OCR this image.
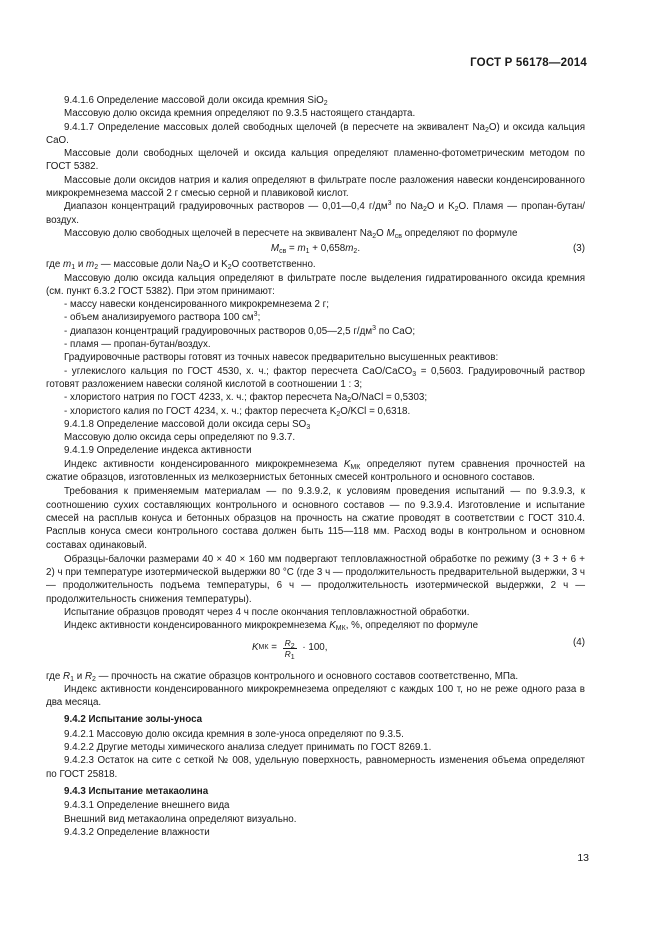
ГОСТ Р 56178—2014

9.4.1.6 Определение массовой доли оксида кремния SiO$_2$

Массовую долю оксида кремния определяют по 9.3.5 настоящего стандарта.

9.4.1.7 Определение массовых долей свободных щелочей (в пересчете на эквивалент $Na_2O$) и оксида кальция CaO.

Массовые доли свободных щелочей и оксида кальция определяют пламенно-фотометрическим методом по ГОСТ 5382.

Массовые доли оксидов натрия и калия определяют в фильтрате после разложения навески конденсированного микрокремнезема массой 2 г смесью серной и плавиковой кислот.

Диапазон концентраций градуировочных растворов — 0,01—0,4 $г/дм^3$ по $Na_2O$ и $K_2O$. Пламя — пропан-бутан/воздух.

Массовую долю свободных щелочей в пересчете на эквивалент $Na_2O$ $M_{св}$ определяют по формуле

$M_{св} = m_1 + 0,658m_2$.	(3)

где $m_1$ и $m_2$ — массовые доли $Na_2O$ и $K_2O$ соответственно.

Массовую долю оксида кальция определяют в фильтрате после выделения гидратированного оксида кремния (см. пункт 6.3.2 ГОСТ 5382). При этом принимают:

- массу навески конденсированного микрокремнезема 2 г;

- объем анализируемого раствора 100 $см^3$;

- диапазон концентраций градуировочных растворов 0,05—2,5 $г/дм^3$ по CaO;

- пламя — пропан-бутан/воздух.

Градуировочные растворы готовят из точных навесок предварительно высушенных реактивов:

- углекислого кальция по ГОСТ 4530, х. ч.; фактор пересчета CaO/CaCO$_3$ = 0,5603. Градуировочный раствор готовят разложением навески соляной кислотой в соотношении 1 : 3;

- хлористого натрия по ГОСТ 4233, х. ч.; фактор пересчета $Na_2O$/NaCl = 0,5303;

- хлористого калия по ГОСТ 4234, х. ч.; фактор пересчета $K_2O$/KCl = 0,6318.

9.4.1.8 Определение массовой доли оксида серы $SO_3$

Массовую долю оксида серы определяют по 9.3.7.

9.4.1.9 Определение индекса активности

Индекс активности конденсированного микрокремнезема $K_{МК}$ определяют путем сравнения прочностей на сжатие образцов, изготовленных из мелкозернистых бетонных смесей контрольного и основного составов.

Требования к применяемым материалам — по 9.3.9.2, к условиям проведения испытаний — по 9.3.9.3, к соотношению сухих составляющих контрольного и основного составов — по 9.3.9.4. Изготовление и испытание смесей на расплыв конуса и бетонных образцов на прочность на сжатие проводят в соответствии с ГОСТ 310.4. Расплыв конуса смеси контрольного состава должен быть 115—118 мм. Расход воды в контрольном и основном составах одинаковый.

Образцы-балочки размерами 40 × 40 × 160 мм подвергают тепловлажностной обработке по режиму (3 + 3 + 6 + 2) ч при температуре изотермической выдержки 80 °С (где 3 ч — продолжительность предварительной выдержки, 3 ч — продолжительность подъема температуры, 6 ч — продолжительность изотермической выдержки, 2 ч — продолжительность снижения температуры).

Испытание образцов проводят через 4 ч после окончания тепловлажностной обработки.

Индекс активности конденсированного микрокремнезема $K_{МК}$, %, определяют по формуле

K МК = $\frac{R_2}{R_1} \cdot 100$,
(4)

где $R_1$ и $R_2$ — прочность на сжатие образцов контрольного и основного составов соответственно, МПа.

Индекс активности конденсированного микрокремнезема определяют с каждых 100 т, но не реже одного раза в два месяца.

9.4.2 Испытание золы-уноса

9.4.2.1 Массовую долю оксида кремния в золе-уноса определяют по 9.3.5.

9.4.2.2 Другие методы химического анализа следует принимать по ГОСТ 8269.1.

9.4.2.3 Остаток на сите с сеткой № 008, удельную поверхность, равномерность изменения объема определяют по ГОСТ 25818.

9.4.3 Испытание метакаолина

9.4.3.1 Определение внешнего вида

Внешний вид метакаолина определяют визуально.

9.4.3.2 Определение влажности

13
